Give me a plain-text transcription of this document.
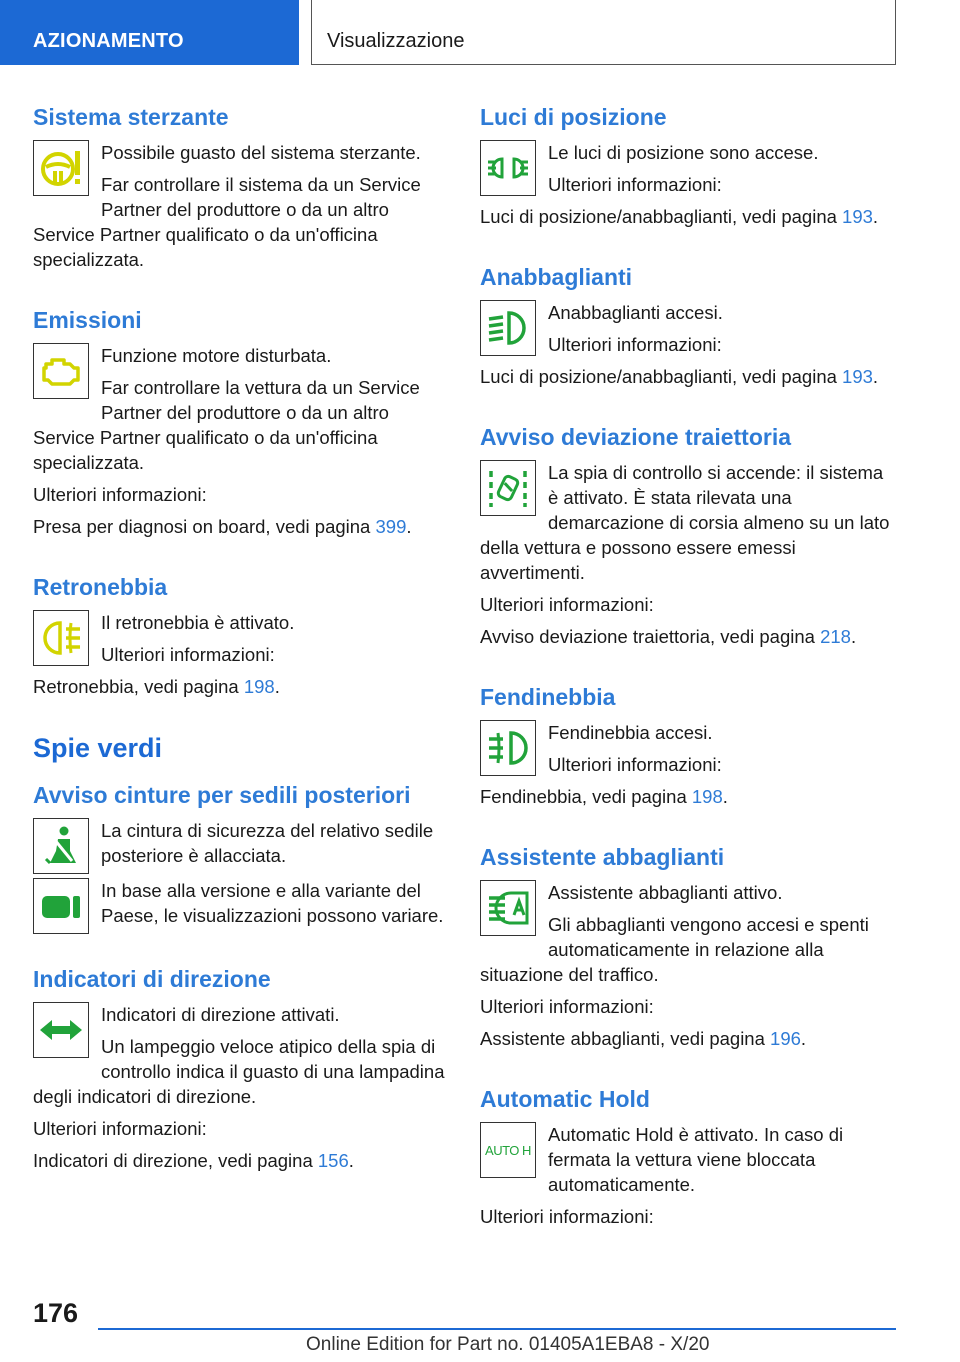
AZIONAMENTO	Visualizzazione
Sistema sterzante

Possibile guasto del sistema sterzante.

Far controllare il sistema da un Service Partner del produttore o da un altro Service Partner qualificato o da un'officina specializzata.

Emissioni

Funzione motore disturbata.

Far controllare la vettura da un Service Partner del produttore o da un altro Service Partner qualificato o da un'officina specializzata.

Ulteriori informazioni:

Presa per diagnosi on board, vedi pagina 399.

Retronebbia

Il retronebbia è attivato.

Ulteriori informazioni:

Retronebbia, vedi pagina 198.

Spie verdi
Avviso cinture per sedili posteriori

La cintura di sicurezza del relativo sedile posteriore è allacciata.

In base alla versione e alla variante del Paese, le visualizzazioni possono variare.

Indicatori di direzione

Indicatori di direzione attivati.

Un lampeggio veloce atipico della spia di controllo indica il guasto di una lampadina degli indicatori di direzione.

Ulteriori informazioni:

Indicatori di direzione, vedi pagina 156.

Luci di posizione

Le luci di posizione sono accese.

Ulteriori informazioni:

Luci di posizione/anabbaglianti, vedi pagina 193.

Anabbaglianti

Anabbaglianti accesi.

Ulteriori informazioni:

Luci di posizione/anabbaglianti, vedi pagina 193.

Avviso deviazione traiettoria

La spia di controllo si accende: il sistema è attivato. È stata rilevata una demarcazione di corsia almeno su un lato della vettura e possono essere emessi avvertimenti.

Ulteriori informazioni:

Avviso deviazione traiettoria, vedi pagina 218.

Fendinebbia

Fendinebbia accesi.

Ulteriori informazioni:

Fendinebbia, vedi pagina 198.

Assistente abbaglianti

Assistente abbaglianti attivo.

Gli abbaglianti vengono accesi e spenti automaticamente in relazione alla situazione del traffico.

Ulteriori informazioni:

Assistente abbaglianti, vedi pagina 196.

Automatic Hold
AUTO H

Automatic Hold è attivato. In caso di fermata la vettura viene bloccata automaticamente.

Ulteriori informazioni:

176
Online Edition for Part no. 01405A1EBA8 - X/20
